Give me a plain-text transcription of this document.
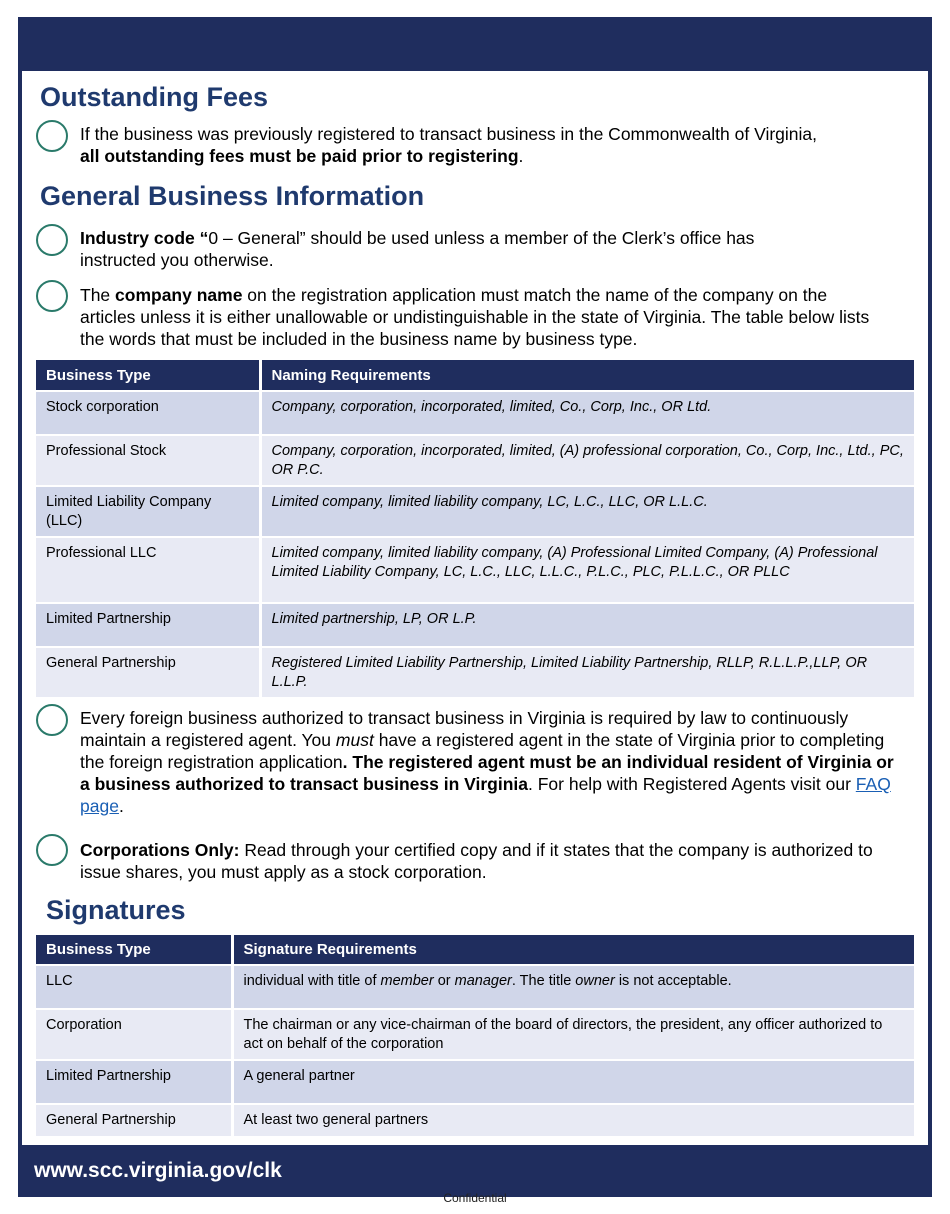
Outstanding Fees

If the business was previously registered to transact business in the Commonwealth of Virginia,
all outstanding fees must be paid prior to registering.

General Business Information

Industry code “0 – General” should be used unless a member of the Clerk’s office has instructed you otherwise.

The company name on the registration application must match the name of the company on the articles unless it is either unallowable or undistinguishable in the state of Virginia. The table below lists the words that must be included in the business name by business type.

Business Type	Naming Requirements
Stock corporation	Company, corporation, incorporated, limited, Co., Corp, Inc., OR Ltd.
Professional Stock	Company, corporation, incorporated, limited, (A) professional corporation, Co., Corp, Inc., Ltd., PC, OR P.C.
Limited Liability Company (LLC)	Limited company, limited liability company, LC, L.C., LLC, OR L.L.C.
Professional LLC	Limited company, limited liability company, (A) Professional Limited Company, (A) Professional Limited Liability Company, LC, L.C., LLC, L.L.C., P.L.C., PLC, P.L.L.C., OR PLLC
Limited Partnership	Limited partnership, LP, OR L.P.
General Partnership	Registered Limited Liability Partnership, Limited Liability Partnership, RLLP, R.L.L.P.,LLP, OR L.L.P.

Every foreign business authorized to transact business in Virginia is required by law to continuously maintain a registered agent. You must have a registered agent in the state of Virginia prior to completing the foreign registration application. The registered agent must be an individual resident of Virginia or a business authorized to transact business in Virginia. For help with Registered Agents visit our FAQ page.

Corporations Only: Read through your certified copy and if it states that the company is authorized to issue shares, you must apply as a stock corporation.

Signatures
Business Type	Signature Requirements
LLC	individual with title of member or manager. The title owner is not acceptable.
Corporation	The chairman or any vice-chairman of the board of directors, the president, any officer authorized to act on behalf of the corporation
Limited Partnership	A general partner
General Partnership	At least two general partners
www.scc.virginia.gov/clk
Confidential
